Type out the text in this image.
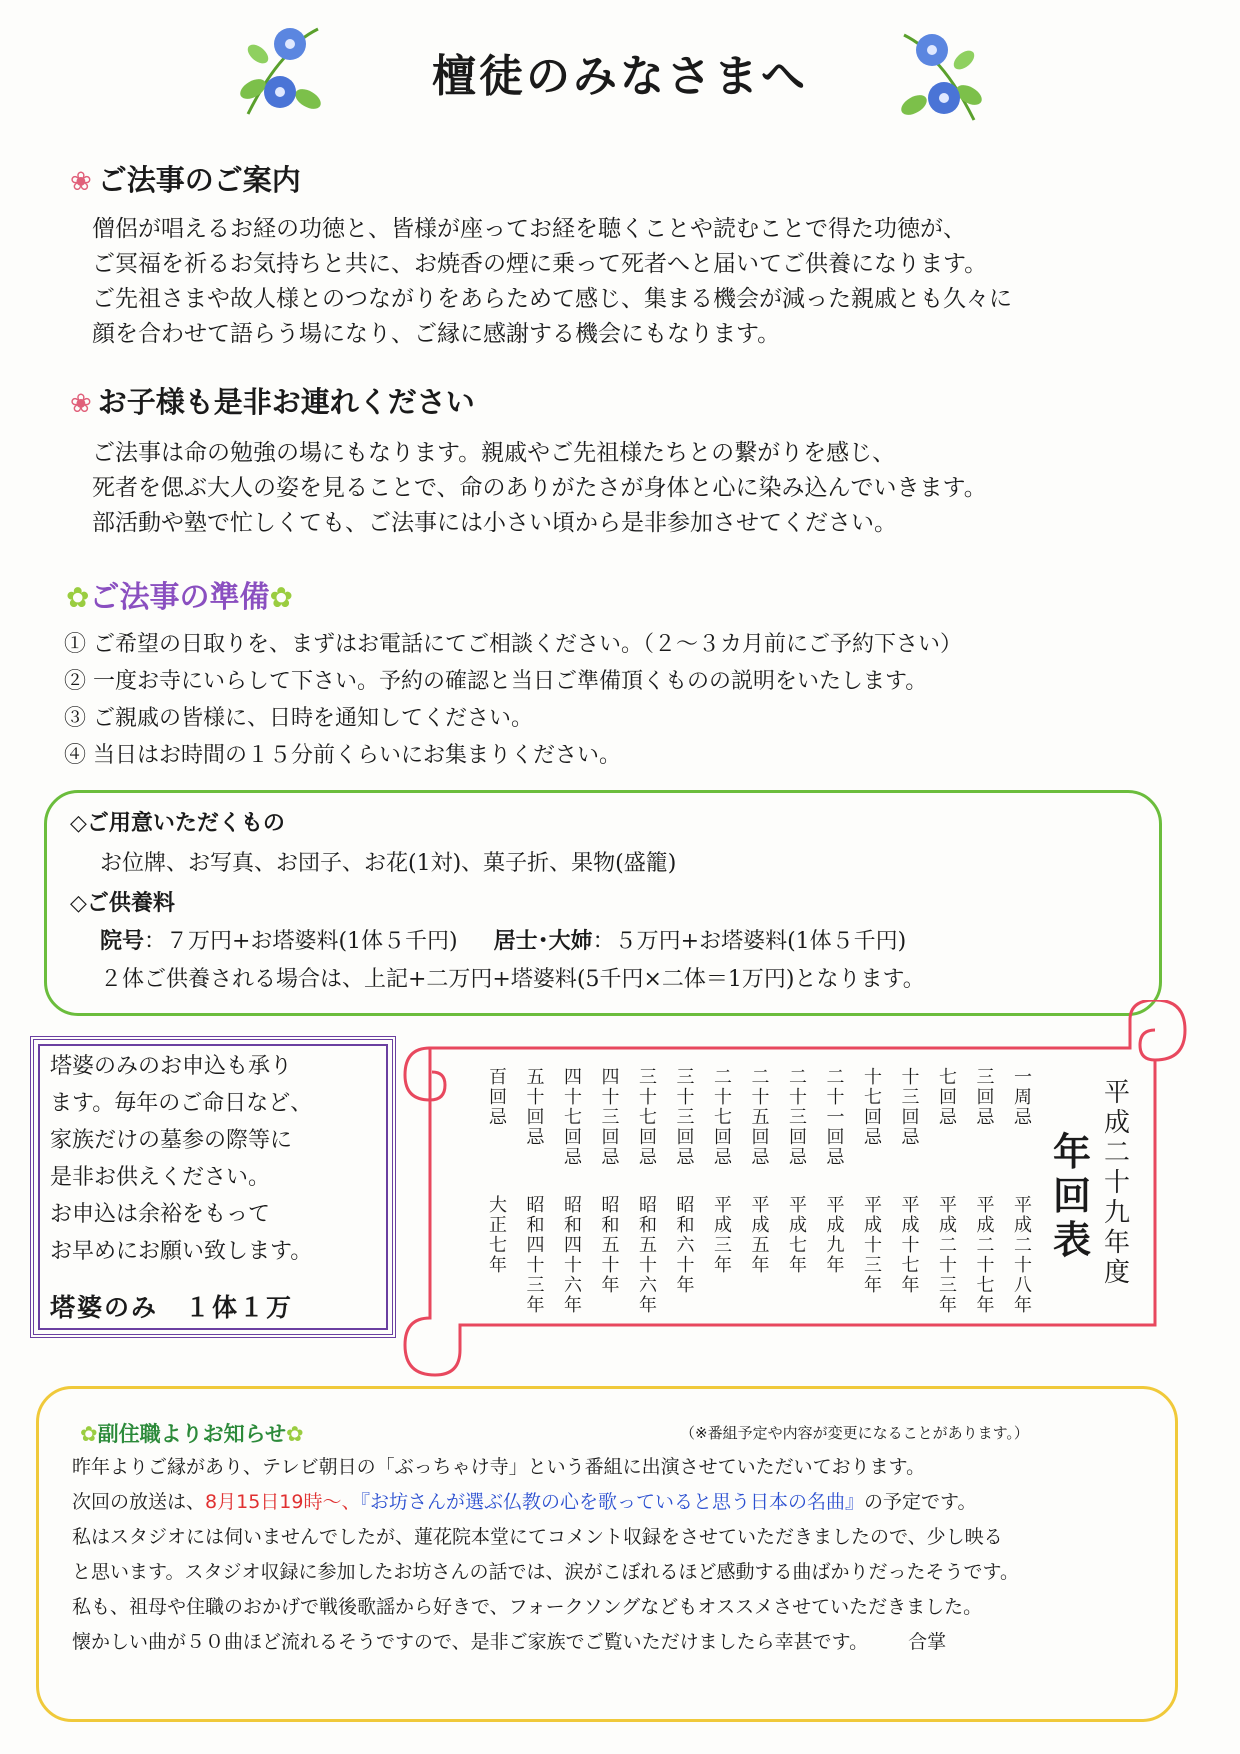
檀徒のみなさまへ
❀ ご法事のご案内
僧侶が唱えるお経の功徳と、皆様が座ってお経を聴くことや読むことで得た功徳が、
ご冥福を祈るお気持ちと共に、お焼香の煙に乗って死者へと届いてご供養になります。
ご先祖さまや故人様とのつながりをあらためて感じ、集まる機会が減った親戚とも久々に
顔を合わせて語らう場になり、ご縁に感謝する機会にもなります。
❀ お子様も是非お連れください
ご法事は命の勉強の場にもなります。親戚やご先祖様たちとの繋がりを感じ、
死者を偲ぶ大人の姿を見ることで、命のありがたさが身体と心に染み込んでいきます。
部活動や塾で忙しくても、ご法事には小さい頃から是非参加させてください。
✿ご法事の準備✿
① ご希望の日取りを、まずはお電話にてご相談ください。（２～３カ月前にご予約下さい）
② 一度お寺にいらして下さい。予約の確認と当日ご準備頂くものの説明をいたします。
③ ご親戚の皆様に、日時を通知してください。
④ 当日はお時間の１５分前くらいにお集まりください。
◇ご用意いただくもの
お位牌、お写真、お団子、お花(1対)、菓子折、果物(盛籠)
◇ご供養料
院号：７万円+お塔婆料(1体５千円) 居士･大姉：５万円+お塔婆料(1体５千円)
２体ご供養される場合は、上記+二万円+塔婆料(5千円×二体＝1万円)となります。
塔婆のみのお申込も承り
ます。毎年のご命日など、
家族だけの墓参の際等に
是非お供えください。
お申込は余裕をもって
お早めにお願い致します。
塔婆のみ　１体１万
平
成
二
十
九
年
度
年
回
表
一
周
忌
平
成
二
十
八
年
三
回
忌
平
成
二
十
七
年
七
回
忌
平
成
二
十
三
年
十
三
回
忌
平
成
十
七
年
十
七
回
忌
平
成
十
三
年
二
十
一
回
忌
平
成
九
年
二
十
三
回
忌
平
成
七
年
二
十
五
回
忌
平
成
五
年
二
十
七
回
忌
平
成
三
年
三
十
三
回
忌
昭
和
六
十
年
三
十
七
回
忌
昭
和
五
十
六
年
四
十
三
回
忌
昭
和
五
十
年
四
十
七
回
忌
昭
和
四
十
六
年
五
十
回
忌
昭
和
四
十
三
年
百
回
忌
大
正
七
年
✿副住職よりお知らせ✿	（※番組予定や内容が変更になることがあります。）
昨年よりご縁があり、テレビ朝日の「ぶっちゃけ寺」という番組に出演させていただいております。
次回の放送は、8月15日19時～、『お坊さんが選ぶ仏教の心を歌っていると思う日本の名曲』の予定です。
私はスタジオには伺いませんでしたが、蓮花院本堂にてコメント収録をさせていただきましたので、少し映る
と思います。スタジオ収録に参加したお坊さんの話では、涙がこぼれるほど感動する曲ばかりだったそうです。
私も、祖母や住職のおかげで戦後歌謡から好きで、フォークソングなどもオススメさせていただきました。
懐かしい曲が５０曲ほど流れるそうですので、是非ご家族でご覧いただけましたら幸甚です。 合掌
